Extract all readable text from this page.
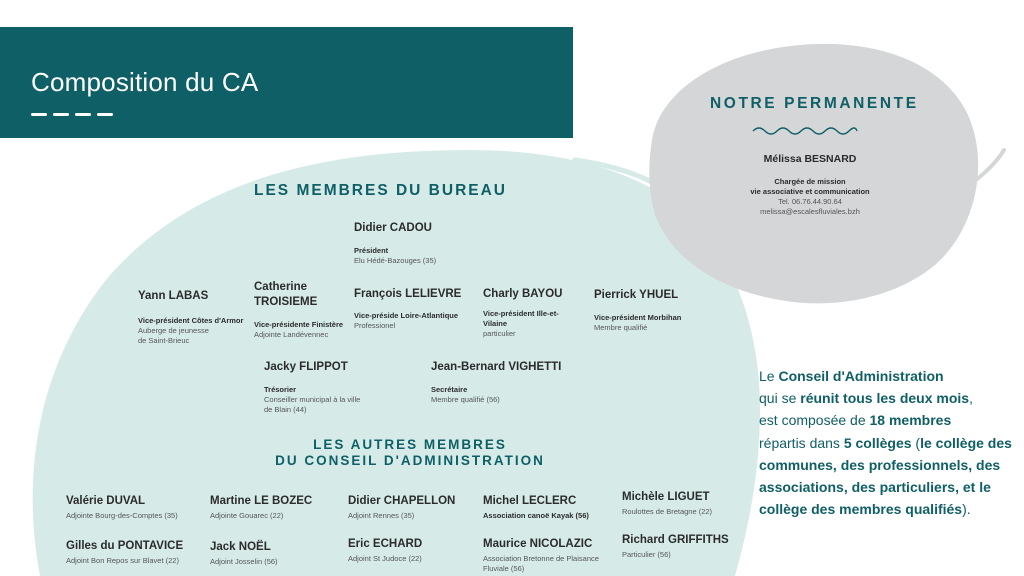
Composition du CA
LES MEMBRES DU BUREAU
Didier CADOU
Président
Elu Hédé-Bazouges (35)
Yann LABAS
Vice-président Côtes d'Armor
Auberge de jeunesse
de Saint-Brieuc
Catherine
TROISIEME
Vice-présidente Finistère
Adjointe Landévennec
François LELIEVRE
Vice-préside Loire-Atlantique
Professionel
Charly BAYOU
Vice-président Ille-et-
Vilaine
particulier
Pierrick YHUEL
Vice-président Morbihan
Membre qualifié
Jacky FLIPPOT
Trésorier
Conseiller municipal à la ville
de Blain (44)
Jean-Bernard VIGHETTI
Secrétaire
Membre qualifié (56)
LES AUTRES MEMBRES
DU CONSEIL D'ADMINISTRATION
Valérie DUVAL
Adjointe Bourg-des-Comptes (35)
Martine LE BOZEC
Adjointe Gouarec (22)
Didier CHAPELLON
Adjoint Rennes (35)
Michel LECLERC
Association canoë Kayak (56)
Michèle LIGUET
Roulottes de Bretagne (22)
Gilles du PONTAVICE
Adjoint Bon Repos sur Blavet (22)
Jack NOËL
Adjoint Josselin (56)
Eric ECHARD
Adjoint St Judoce (22)
Maurice NICOLAZIC
Association Bretonne de Plaisance
Fluviale (56)
Richard GRIFFITHS
Particulier (56)
NOTRE PERMANENTE
Mélissa BESNARD
Chargée de mission
vie associative et communication
Tel. 06.76.44.90.64
melissa@escalesfluviales.bzh
Le Conseil d'Administration
qui se réunit tous les deux mois,
est composée de 18 membres
répartis dans 5 collèges (le collège des communes, des professionnels, des associations, des particuliers, et le collège des membres qualifiés).
